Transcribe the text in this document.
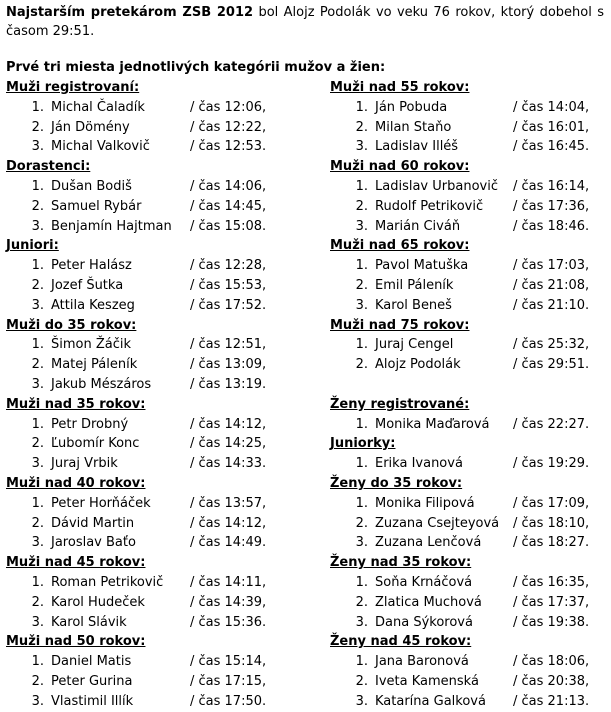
Najstarším pretekárom ZSB 2012 bol Alojz Podolák vo veku 76 rokov, ktorý dobehol s časom 29:51.
Prvé tri miesta jednotlivých kategórii mužov a žien:
Muži registrovaní:
1. Michal Čaladík	/ čas 12:06,
2. Ján Dömény	/ čas 12:22,
3. Michal Valkovič	/ čas 12:53.
Dorastenci:
1. Dušan Bodiš	/ čas 14:06,
2. Samuel Rybár	/ čas 14:45,
3. Benjamín Hajtman / čas 15:08.
Juniori:
1. Peter Halász	/ čas 12:28,
2. Jozef Šutka	/ čas 15:53,
3. Attila Keszeg	/ čas 17:52.
Muži do 35 rokov:
1. Šimon Žáčik	/ čas 12:51,
2. Matej Páleník	/ čas 13:09,
3. Jakub Mészáros	/ čas 13:19.
Muži nad 35 rokov:
1. Petr Drobný	/ čas 14:12,
2. Ľubomír Konc	/ čas 14:25,
3. Juraj Vrbik	/ čas 14:33.
Muži nad 40 rokov:
1. Peter Horňáček	/ čas 13:57,
2. Dávid Martin	/ čas 14:12,
3. Jaroslav Baťo	/ čas 14:49.
Muži nad 45 rokov:
1. Roman Petrikovič / čas 14:11,
2. Karol Hudeček	/ čas 14:39,
3. Karol Slávik	/ čas 15:36.
Muži nad 50 rokov:
1. Daniel Matis	/ čas 15:14,
2. Peter Gurina	/ čas 17:15,
3. Vlastimil Illík	/ čas 17:50.
Muži nad 55 rokov:
1. Ján Pobuda	/ čas 14:04,
2. Milan Staňo	/ čas 16:01,
3. Ladislav Illéš	/ čas 16:45.
Muži nad 60 rokov:
1. Ladislav Urbanovič / čas 16:14,
2. Rudolf Petrikovič / čas 17:36,
3. Marián Civáň	/ čas 18:46.
Muži nad 65 rokov:
1. Pavol Matuška	/ čas 17:03,
2. Emil Páleník	/ čas 21:08,
3. Karol Beneš	/ čas 21:10.
Muži nad 75 rokov:
1. Juraj Cengel	/ čas 25:32,
2. Alojz Podolák	/ čas 29:51.
Ženy registrované:
1. Monika Maďarová / čas 22:27.
Juniorky:
1. Erika Ivanová	/ čas 19:29.
Ženy do 35 rokov:
1. Monika Filipová	/ čas 17:09,
2. Zuzana Csejteyová / čas 18:10,
3. Zuzana Lenčová / čas 18:27.
Ženy nad 35 rokov:
1. Soňa Krnáčová	/ čas 16:35,
2. Zlatica Muchová / čas 17:37,
3. Dana Sýkorová	/ čas 19:38.
Ženy nad 45 rokov:
1. Jana Baronová	/ čas 18:06,
2. Iveta Kamenská	/ čas 20:38,
3. Katarína Galková / čas 21:13.
